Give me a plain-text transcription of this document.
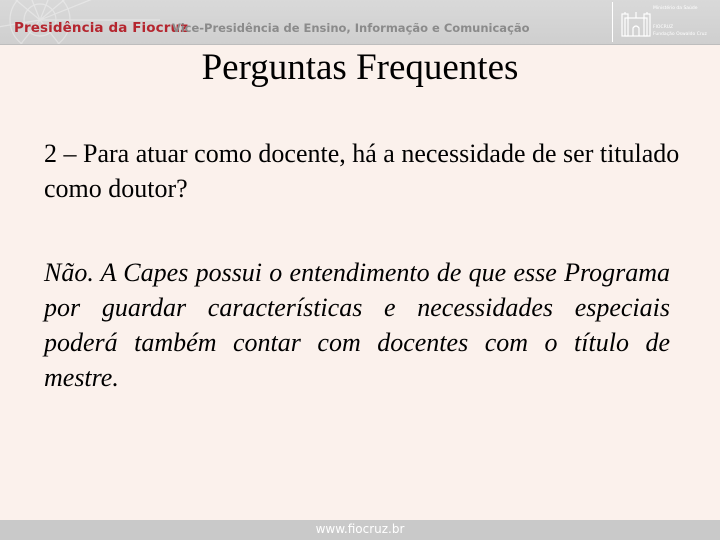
Presidência da Fiocruz
Vice-Presidência de Ensino, Informação e Comunicação
Ministério da Saúde
FIOCRUZ
Fundação Oswaldo Cruz
Perguntas Frequentes
2 – Para atuar como docente, há a necessidade de ser titulado como doutor?
Não. A Capes possui o entendimento de que esse Programa por guardar características e necessidades especiais poderá também contar com docentes com o título de mestre.
www.fiocruz.br
